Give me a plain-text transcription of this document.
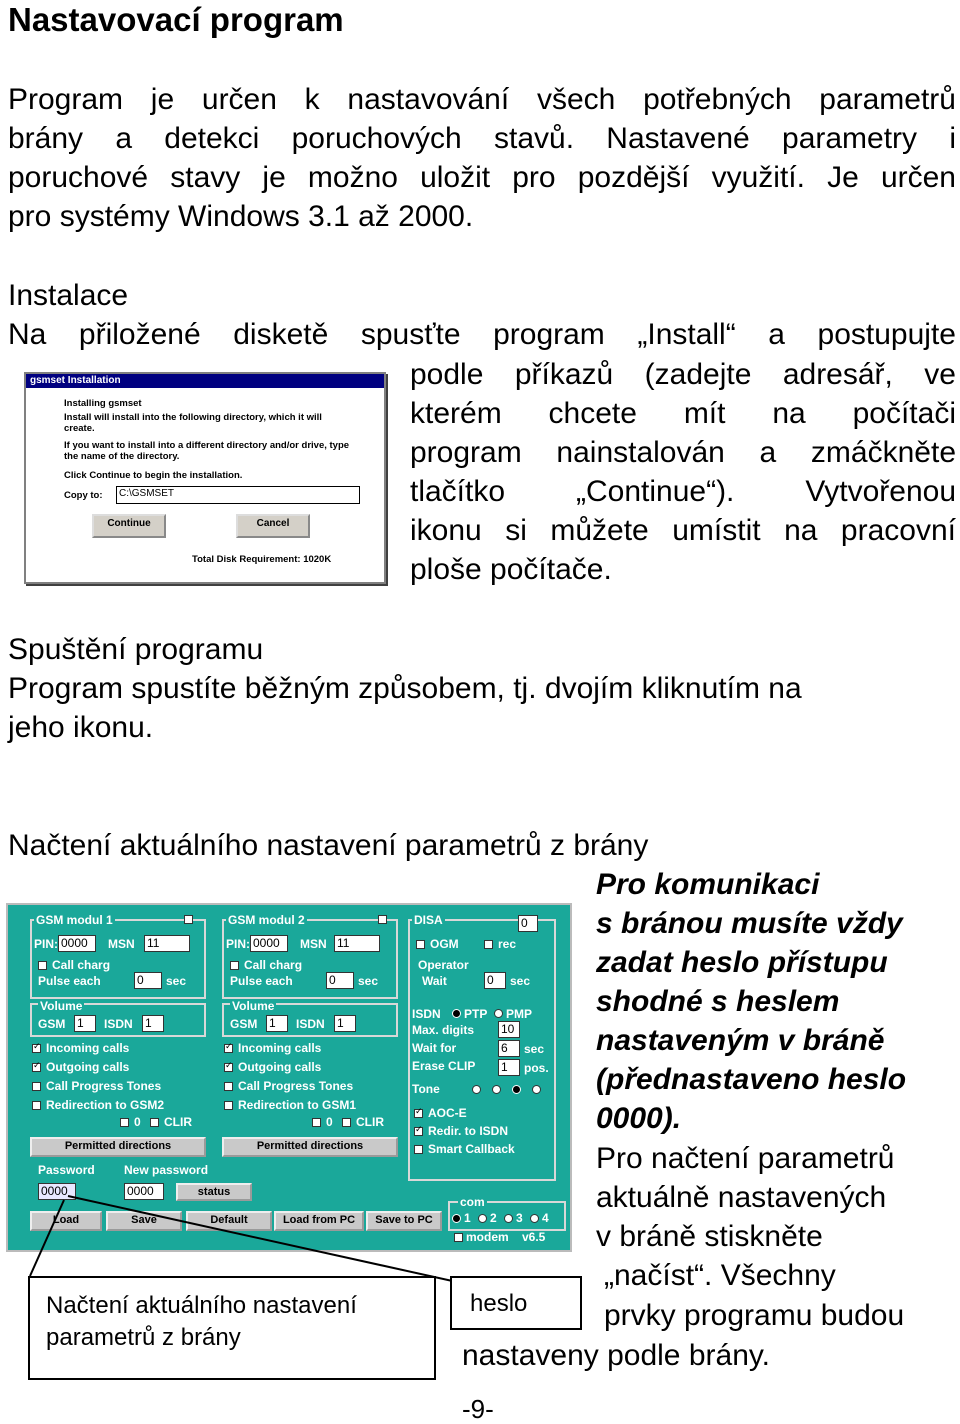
Nastavovací program
Program je určen k nastavování všech potřebných parametrů
brány a detekci poruchových stavů. Nastavené parametry i
poruchové stavy je možno uložit pro pozdější využití. Je určen
pro systémy Windows 3.1 až 2000.
Instalace
Na přiložené disketě spusťte program „Install“ a postupujte
podle příkazů (zadejte adresář, ve
kterém chcete mít na počítači
program nainstalován a zmáčkněte
tlačítko „Continue“). Vytvořenou
ikonu si můžete umístit na pracovní
ploše počítače.
gsmset Installation
Installing gsmset
Install will install into the following directory, which it will create.
If you want to install into a different directory and/or drive, type the name of the directory.
Click Continue to begin the installation.
Copy to:	C:\GSMSET
Continue	Cancel
Total Disk Requirement: 1020K
Spuštění programu
Program spustíte běžným způsobem, tj. dvojím kliknutím na
jeho ikonu.
Načtení aktuálního nastavení parametrů z brány
Pro komunikaci
s bránou musíte vždy
zadat heslo přístupu
shodné s heslem
nastaveným v bráně
(přednastaveno heslo
0000).
Pro načtení parametrů
aktuálně nastavených
v bráně stiskněte
„načíst“. Všechny
prvky programu budou
nastaveny podle brány.
GSM modul 1
PIN: 0000	MSN 11
Call charg
Pulse each	0	sec
Volume
GSM 1	ISDN 1
✓
Incoming calls
✓
Outgoing calls
Call Progress Tones
Redirection to GSM2
0 CLIR
Permitted directions
GSM modul 2
PIN: 0000	MSN 11
Call charg
Pulse each	0	sec
Volume
GSM 1	ISDN 1
✓
Incoming calls
✓
Outgoing calls
Call Progress Tones
Redirection to GSM1
0 CLIR
Permitted directions
DISA	0
OGM	rec
Operator
Wait	0	sec
ISDN PTP PMP
Max. digits 10
Wait for	6	sec
Erase CLIP 1	pos.
Tone
✓
AOC-E
✓
Redir. to ISDN
Smart Callback
Password
0000
New password
0000	status
Load	Save	Default	Load from PC	Save to PC
com
1 2 3 4
modem v6.5
Načtení aktuálního nastavení
parametrů z brány
heslo
-9-
